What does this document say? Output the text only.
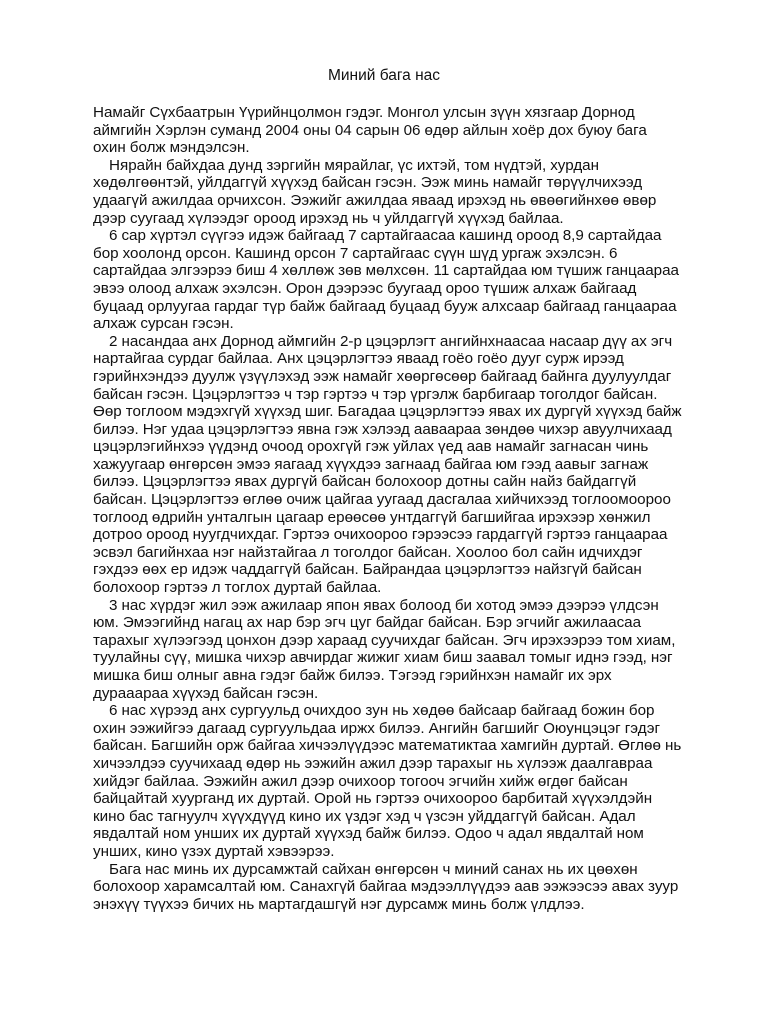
Миний бага нас

Намайг Сүхбаатрын Үүрийнцолмон гэдэг. Монгол улсын зүүн хязгаар Дорнод аймгийн Хэрлэн суманд 2004 оны 04 сарын 06 өдөр айлын хоёр дох буюу бага охин болж мэндэлсэн.

Нярайн байхдаа дунд зэргийн мярайлаг, үс ихтэй, том нүдтэй, хурдан хөдөлгөөнтэй, уйлдаггүй хүүхэд байсан гэсэн. Ээж минь намайг төрүүлчихээд удаагүй ажилдаа орчихсон. Ээжийг ажилдаа яваад ирэхэд нь өвөөгийнхөө өвөр дээр суугаад хүлээдэг ороод ирэхэд нь ч уйлдаггүй хүүхэд байлаа.

6 сар хүртэл сүүгээ идэж байгаад 7 сартайгаасаа кашинд ороод 8,9 сартайдаа бор хоолонд орсон. Кашинд орсон 7 сартайгаас сүүн шүд ургаж эхэлсэн. 6 сартайдаа элгээрээ биш 4 хөллөж зөв мөлхсөн. 11 сартайдаа юм түшиж ганцаараа эвээ олоод алхаж эхэлсэн. Орон дээрээс буугаад ороо түшиж алхаж байгаад буцаад орлуугаа гардаг түр байж байгаад буцаад бууж алхсаар байгаад ганцаараа алхаж сурсан гэсэн.

2 насандаа анх Дорнод аймгийн 2-р цэцэрлэгт ангийнхнаасаа насаар дүү ах эгч нартайгаа сурдаг байлаа. Анх цэцэрлэгтээ яваад гоёо гоёо дууг сурж ирээд гэрийнхэндээ дуулж үзүүлэхэд ээж намайг хөөргөсөөр байгаад байнга дуулуулдаг байсан гэсэн. Цэцэрлэгтээ ч тэр гэртээ ч тэр үргэлж барбигаар тоголдог байсан. Өөр тоглоом мэдэхгүй хүүхэд шиг. Багадаа цэцэрлэгтээ явах их дургүй хүүхэд байж билээ. Нэг удаа цэцэрлэгтээ явна гэж хэлээд ааваараа зөндөө чихэр авуулчихаад цэцэрлэгийнхээ үүдэнд очоод орохгүй гэж уйлах үед аав намайг загнасан чинь хажуугаар өнгөрсөн эмээ яагаад хүүхдээ загнаад байгаа юм гээд аавыг загнаж билээ. Цэцэрлэгтээ явах дургүй байсан болохоор дотны сайн найз байдаггүй байсан. Цэцэрлэгтээ өглөө очиж цайгаа уугаад дасгалаа хийчихээд тоглоомоороо тоглоод өдрийн унталгын цагаар ерөөсөө унтдаггүй багшийгаа ирэхээр хөнжил дотроо ороод нуугдчихдаг. Гэртээ очихоороо гэрээсээ гардаггүй гэртээ ганцаараа эсвэл багийнхаа нэг найзтайгаа л тоголдог байсан. Хоолоо бол сайн идчихдэг гэхдээ өөх ер идэж чаддаггүй байсан. Байрандаа цэцэрлэгтээ найзгүй байсан болохоор гэртээ л тоглох дуртай байлаа.

3 нас хүрдэг жил ээж ажилаар япон явах болоод би хотод эмээ дээрээ үлдсэн юм. Эмээгийнд нагац ах нар бэр эгч цуг байдаг байсан. Бэр эгчийг ажилаасаа тарахыг хүлээгээд цонхон дээр хараад суучихдаг байсан. Эгч ирэхээрээ том хиам, туулайны сүү, мишка чихэр авчирдаг жижиг хиам биш заавал томыг иднэ гээд, нэг мишка биш олныг авна гэдэг байж билээ. Тэгээд гэрийнхэн намайг их эрх дурааараа хүүхэд байсан гэсэн.

6 нас хүрээд анх сургуульд очихдоо зун нь хөдөө байсаар байгаад божин бор охин ээжийгээ дагаад сургуульдаа иржх билээ. Ангийн багшийг Оюунцэцэг гэдэг байсан. Багшийн орж байгаа хичээлүүдээс математиктаа хамгийн дуртай. Өглөө нь хичээлдээ суучихаад өдөр нь ээжийн ажил дээр тарахыг нь хүлээж даалгавраа хийдэг байлаа. Ээжийн ажил дээр очихоор тогооч эгчийн хийж өгдөг байсан байцайтай хуурганд их дуртай. Орой нь гэртээ очихоороо барбитай хүүхэлдэйн кино бас тагнуулч хүүхдүүд кино их үздэг хэд ч үзсэн уйддаггүй байсан. Адал явдалтай ном унших их дуртай хүүхэд байж билээ. Одоо ч адал явдалтай ном унших, кино үзэх дуртай хэвээрээ.

Бага нас минь их дурсамжтай сайхан өнгөрсөн ч миний санах нь их цөөхөн болохоор харамсалтай юм. Санахгүй байгаа мэдээллүүдээ аав ээжээсээ авах зуур энэхүү түүхээ бичих нь мартагдашгүй нэг дурсамж минь болж үлдлээ.
